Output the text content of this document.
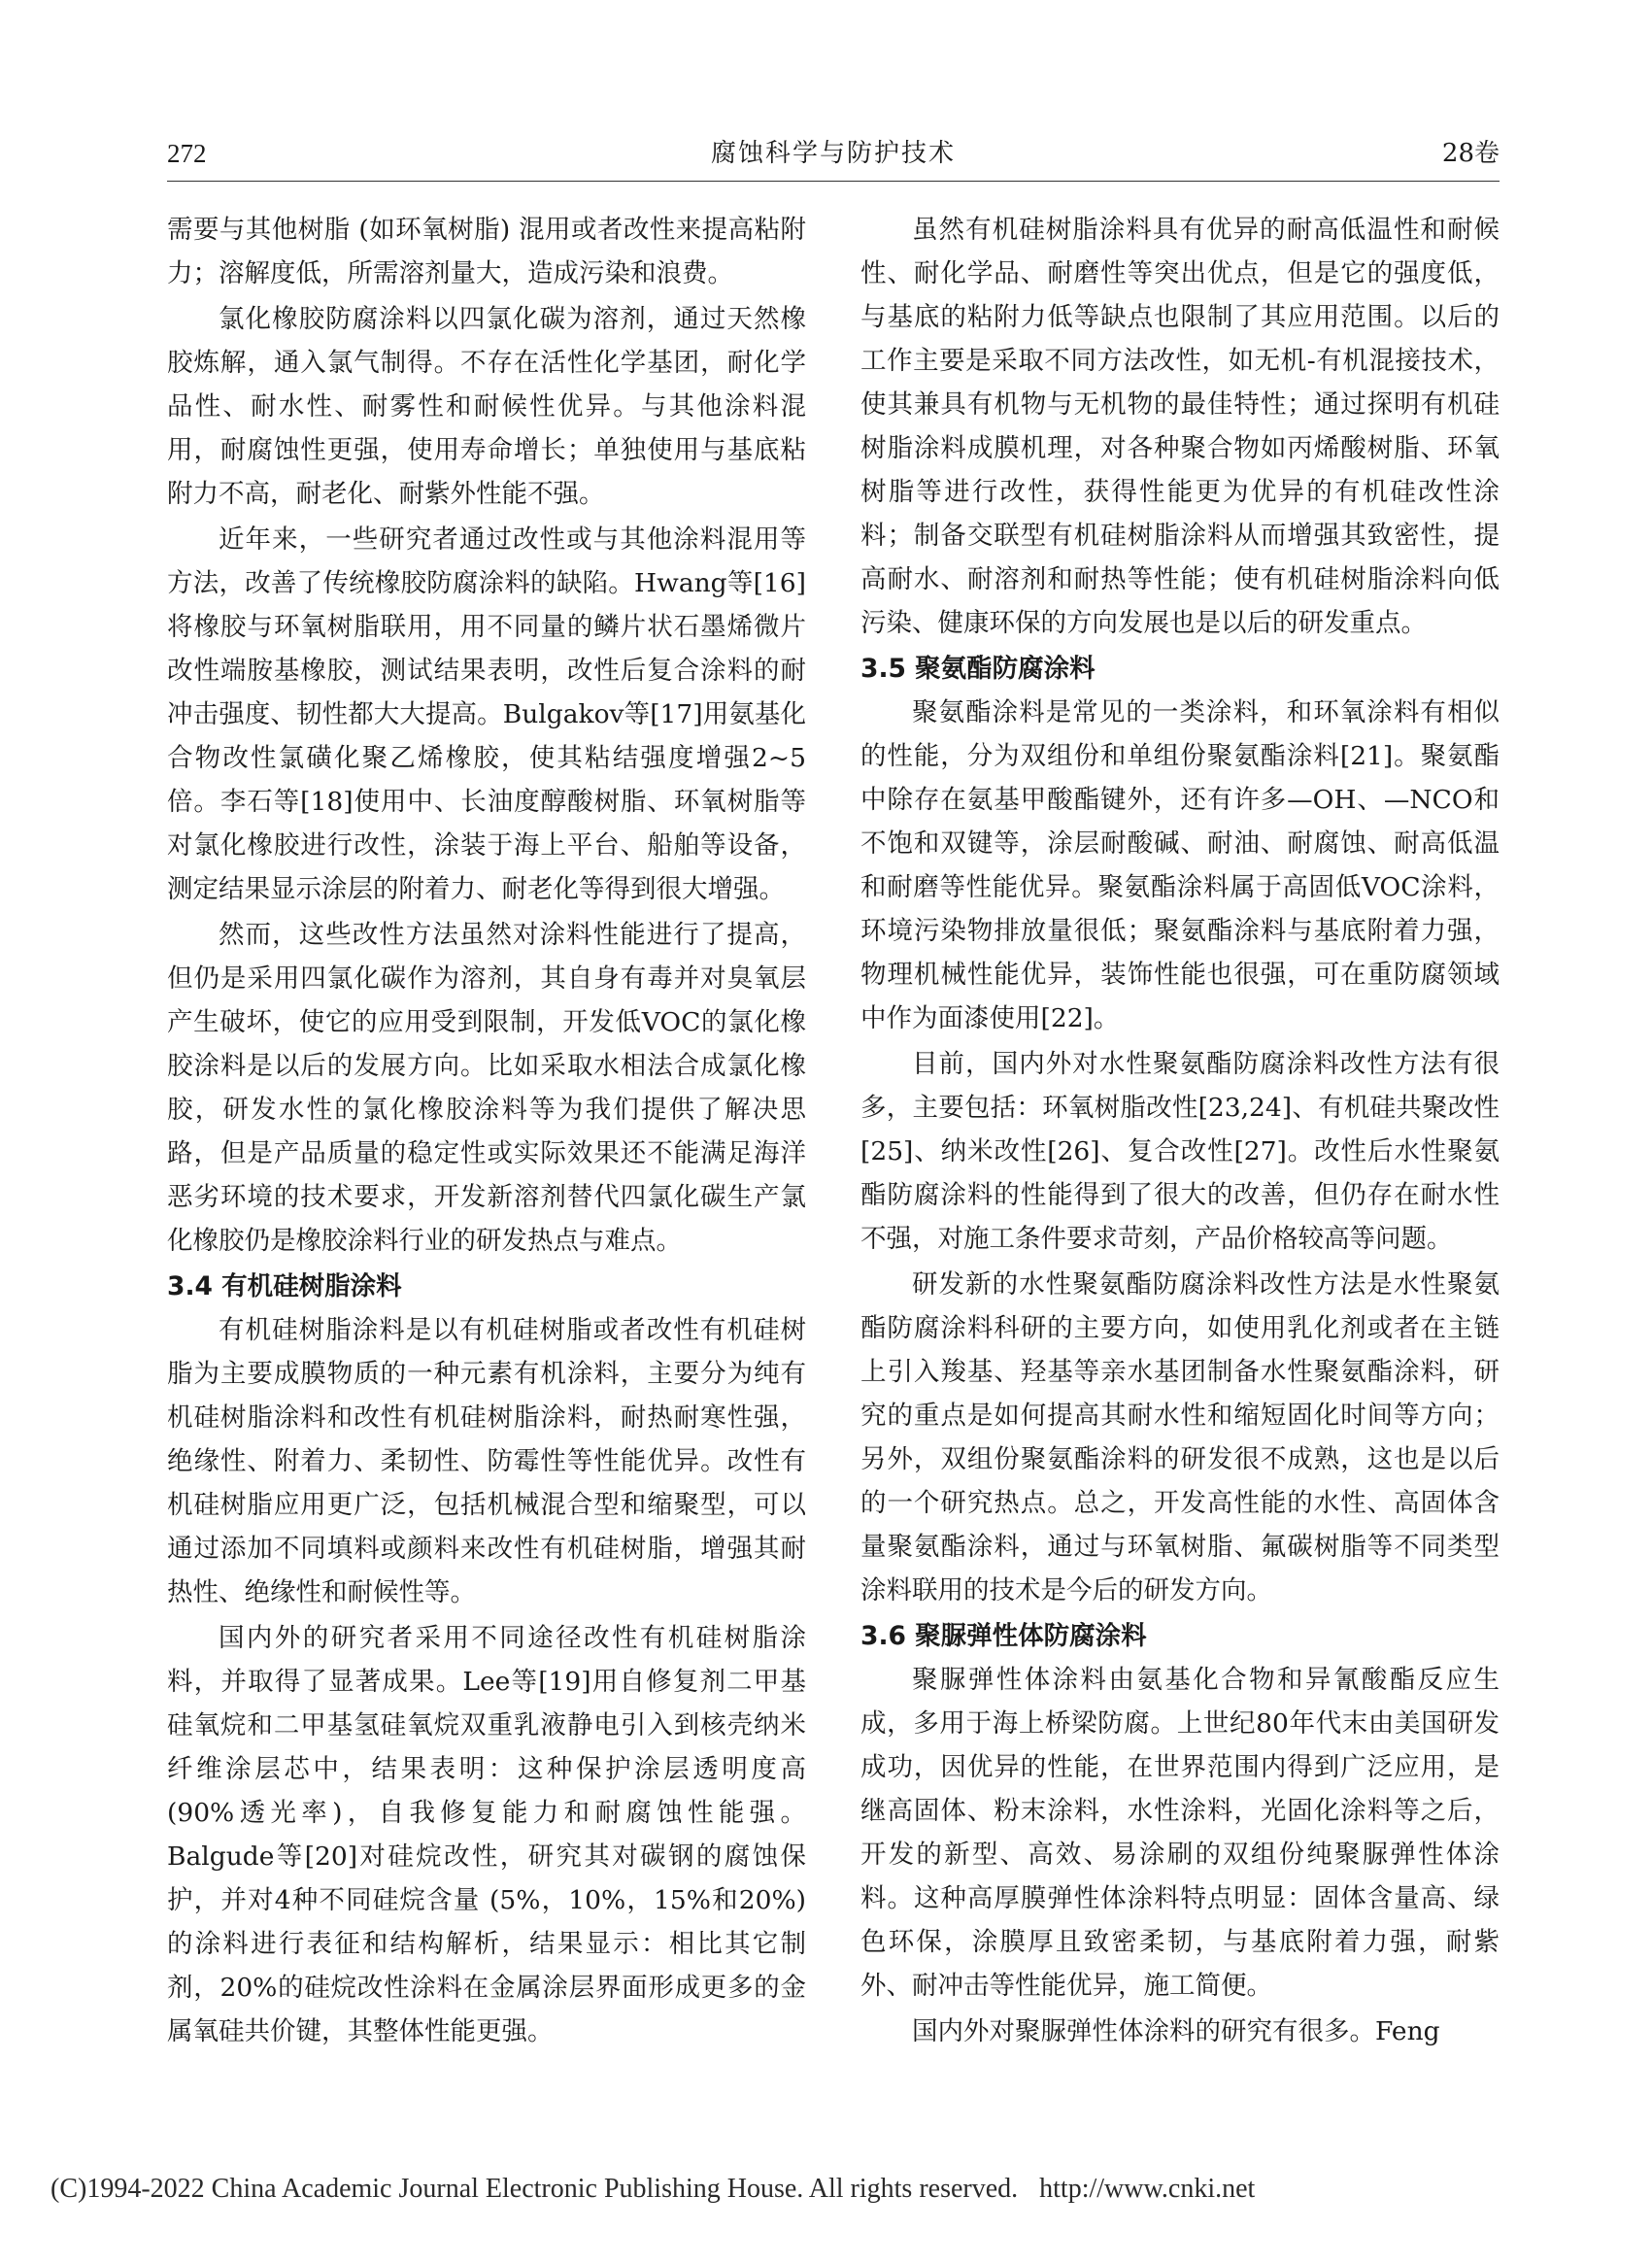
272	腐蚀科学与防护技术	28卷

需要与其他树脂 (如环氧树脂) 混用或者改性来提高粘附力；溶解度低，所需溶剂量大，造成污染和浪费。

氯化橡胶防腐涂料以四氯化碳为溶剂，通过天然橡胶炼解，通入氯气制得。不存在活性化学基团，耐化学品性、耐水性、耐雾性和耐候性优异。与其他涂料混用，耐腐蚀性更强，使用寿命增长；单独使用与基底粘附力不高，耐老化、耐紫外性能不强。

近年来，一些研究者通过改性或与其他涂料混用等方法，改善了传统橡胶防腐涂料的缺陷。Hwang等[16]将橡胶与环氧树脂联用，用不同量的鳞片状石墨烯微片改性端胺基橡胶，测试结果表明，改性后复合涂料的耐冲击强度、韧性都大大提高。Bulgakov等[17]用氨基化合物改性氯磺化聚乙烯橡胶，使其粘结强度增强2~5倍。李石等[18]使用中、长油度醇酸树脂、环氧树脂等对氯化橡胶进行改性，涂装于海上平台、船舶等设备，测定结果显示涂层的附着力、耐老化等得到很大增强。

然而，这些改性方法虽然对涂料性能进行了提高，但仍是采用四氯化碳作为溶剂，其自身有毒并对臭氧层产生破坏，使它的应用受到限制，开发低VOC的氯化橡胶涂料是以后的发展方向。比如采取水相法合成氯化橡胶，研发水性的氯化橡胶涂料等为我们提供了解决思路，但是产品质量的稳定性或实际效果还不能满足海洋恶劣环境的技术要求，开发新溶剂替代四氯化碳生产氯化橡胶仍是橡胶涂料行业的研发热点与难点。

3.4 有机硅树脂涂料

有机硅树脂涂料是以有机硅树脂或者改性有机硅树脂为主要成膜物质的一种元素有机涂料，主要分为纯有机硅树脂涂料和改性有机硅树脂涂料，耐热耐寒性强，绝缘性、附着力、柔韧性、防霉性等性能优异。改性有机硅树脂应用更广泛，包括机械混合型和缩聚型，可以通过添加不同填料或颜料来改性有机硅树脂，增强其耐热性、绝缘性和耐候性等。

国内外的研究者采用不同途径改性有机硅树脂涂料，并取得了显著成果。Lee等[19]用自修复剂二甲基硅氧烷和二甲基氢硅氧烷双重乳液静电引入到核壳纳米纤维涂层芯中，结果表明：这种保护涂层透明度高 (90%透光率)，自我修复能力和耐腐蚀性能强。Balgude等[20]对硅烷改性，研究其对碳钢的腐蚀保护，并对4种不同硅烷含量 (5%，10%，15%和20%) 的涂料进行表征和结构解析，结果显示：相比其它制剂，20%的硅烷改性涂料在金属涂层界面形成更多的金属氧硅共价键，其整体性能更强。

虽然有机硅树脂涂料具有优异的耐高低温性和耐候性、耐化学品、耐磨性等突出优点，但是它的强度低，与基底的粘附力低等缺点也限制了其应用范围。以后的工作主要是采取不同方法改性，如无机-有机混接技术，使其兼具有机物与无机物的最佳特性；通过探明有机硅树脂涂料成膜机理，对各种聚合物如丙烯酸树脂、环氧树脂等进行改性，获得性能更为优异的有机硅改性涂料；制备交联型有机硅树脂涂料从而增强其致密性，提高耐水、耐溶剂和耐热等性能；使有机硅树脂涂料向低污染、健康环保的方向发展也是以后的研发重点。

3.5 聚氨酯防腐涂料

聚氨酯涂料是常见的一类涂料，和环氧涂料有相似的性能，分为双组份和单组份聚氨酯涂料[21]。聚氨酯中除存在氨基甲酸酯键外，还有许多—OH、—NCO和不饱和双键等，涂层耐酸碱、耐油、耐腐蚀、耐高低温和耐磨等性能优异。聚氨酯涂料属于高固低VOC涂料，环境污染物排放量很低；聚氨酯涂料与基底附着力强，物理机械性能优异，装饰性能也很强，可在重防腐领域中作为面漆使用[22]。

目前，国内外对水性聚氨酯防腐涂料改性方法有很多，主要包括：环氧树脂改性[23,24]、有机硅共聚改性[25]、纳米改性[26]、复合改性[27]。改性后水性聚氨酯防腐涂料的性能得到了很大的改善，但仍存在耐水性不强，对施工条件要求苛刻，产品价格较高等问题。

研发新的水性聚氨酯防腐涂料改性方法是水性聚氨酯防腐涂料科研的主要方向，如使用乳化剂或者在主链上引入羧基、羟基等亲水基团制备水性聚氨酯涂料，研究的重点是如何提高其耐水性和缩短固化时间等方向；另外，双组份聚氨酯涂料的研发很不成熟，这也是以后的一个研究热点。总之，开发高性能的水性、高固体含量聚氨酯涂料，通过与环氧树脂、氟碳树脂等不同类型涂料联用的技术是今后的研发方向。

3.6 聚脲弹性体防腐涂料

聚脲弹性体涂料由氨基化合物和异氰酸酯反应生成，多用于海上桥梁防腐。上世纪80年代末由美国研发成功，因优异的性能，在世界范围内得到广泛应用，是继高固体、粉末涂料，水性涂料，光固化涂料等之后，开发的新型、高效、易涂刷的双组份纯聚脲弹性体涂料。这种高厚膜弹性体涂料特点明显：固体含量高、绿色环保，涂膜厚且致密柔韧，与基底附着力强，耐紫外、耐冲击等性能优异，施工简便。

国内外对聚脲弹性体涂料的研究有很多。Feng

(C)1994-2022 China Academic Journal Electronic Publishing House. All rights reserved. http://www.cnki.net
